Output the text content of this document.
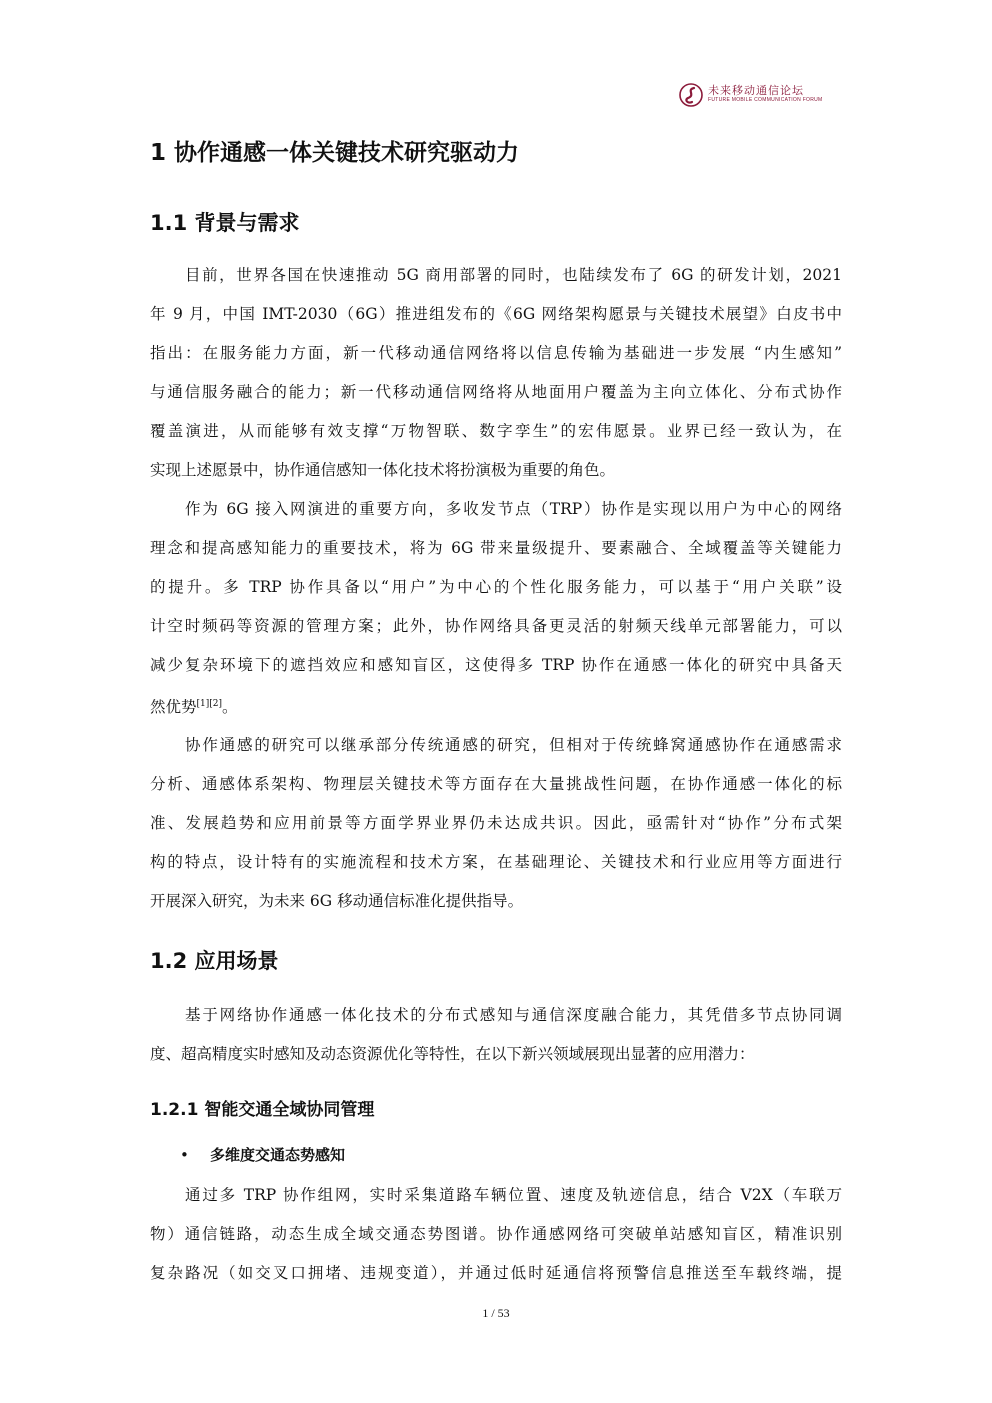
未来移动通信论坛
FUTURE MOBILE COMMUNICATION FORUM
1 协作通感一体关键技术研究驱动力
1.1 背景与需求
目前，世界各国在快速推动 5G 商用部署的同时，也陆续发布了 6G 的研发计划，2021
年 9 月，中国 IMT-2030（6G）推进组发布的《6G 网络架构愿景与关键技术展望》白皮书中
指出：在服务能力方面，新一代移动通信网络将以信息传输为基础进一步发展 “内生感知”
与通信服务融合的能力；新一代移动通信网络将从地面用户覆盖为主向立体化、分布式协作
覆盖演进，从而能够有效支撑“万物智联、数字孪生”的宏伟愿景。业界已经一致认为，在
实现上述愿景中，协作通信感知一体化技术将扮演极为重要的角色。
作为 6G 接入网演进的重要方向，多收发节点（TRP）协作是实现以用户为中心的网络
理念和提高感知能力的重要技术，将为 6G 带来量级提升、要素融合、全域覆盖等关键能力
的提升。多 TRP 协作具备以“用户”为中心的个性化服务能力，可以基于“用户关联”设
计空时频码等资源的管理方案；此外，协作网络具备更灵活的射频天线单元部署能力，可以
减少复杂环境下的遮挡效应和感知盲区，这使得多 TRP 协作在通感一体化的研究中具备天
然优势[1][2]。
协作通感的研究可以继承部分传统通感的研究，但相对于传统蜂窝通感协作在通感需求
分析、通感体系架构、物理层关键技术等方面存在大量挑战性问题，在协作通感一体化的标
准、发展趋势和应用前景等方面学界业界仍未达成共识。因此，亟需针对“协作”分布式架
构的特点，设计特有的实施流程和技术方案，在基础理论、关键技术和行业应用等方面进行
开展深入研究，为未来 6G 移动通信标准化提供指导。
1.2 应用场景
基于网络协作通感一体化技术的分布式感知与通信深度融合能力，其凭借多节点协同调
度、超高精度实时感知及动态资源优化等特性，在以下新兴领域展现出显著的应用潜力：
1.2.1 智能交通全域协同管理
• 多维度交通态势感知
通过多 TRP 协作组网，实时采集道路车辆位置、速度及轨迹信息，结合 V2X（车联万
物）通信链路，动态生成全域交通态势图谱。协作通感网络可突破单站感知盲区，精准识别
复杂路况（如交叉口拥堵、违规变道），并通过低时延通信将预警信息推送至车载终端，提
1 / 53
